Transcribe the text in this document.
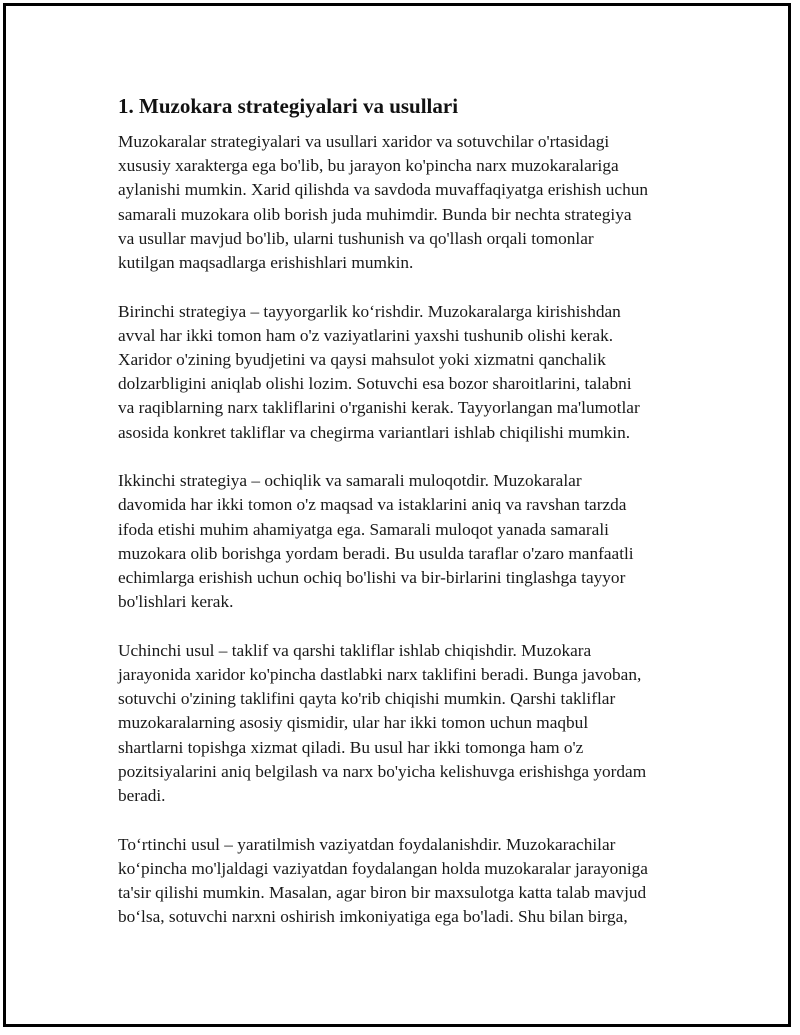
1. Muzokara strategiyalari va usullari

Muzokaralar strategiyalari va usullari xaridor va sotuvchilar o'rtasidagi
xususiy xarakterga ega bo'lib, bu jarayon ko'pincha narx muzokaralariga
aylanishi mumkin. Xarid qilishda va savdoda muvaffaqiyatga erishish uchun
samarali muzokara olib borish juda muhimdir. Bunda bir nechta strategiya
va usullar mavjud bo'lib, ularni tushunish va qo'llash orqali tomonlar
kutilgan maqsadlarga erishishlari mumkin.

Birinchi strategiya – tayyorgarlik ko‘rishdir. Muzokaralarga kirishishdan
avval har ikki tomon ham o'z vaziyatlarini yaxshi tushunib olishi kerak.
Xaridor o'zining byudjetini va qaysi mahsulot yoki xizmatni qanchalik
dolzarbligini aniqlab olishi lozim. Sotuvchi esa bozor sharoitlarini, talabni
va raqiblarning narx takliflarini o'rganishi kerak. Tayyorlangan ma'lumotlar
asosida konkret takliflar va chegirma variantlari ishlab chiqilishi mumkin.

Ikkinchi strategiya – ochiqlik va samarali muloqotdir. Muzokaralar
davomida har ikki tomon o'z maqsad va istaklarini aniq va ravshan tarzda
ifoda etishi muhim ahamiyatga ega. Samarali muloqot yanada samarali
muzokara olib borishga yordam beradi. Bu usulda taraflar o'zaro manfaatli
echimlarga erishish uchun ochiq bo'lishi va bir-birlarini tinglashga tayyor
bo'lishlari kerak.

Uchinchi usul – taklif va qarshi takliflar ishlab chiqishdir. Muzokara
jarayonida xaridor ko'pincha dastlabki narx taklifini beradi. Bunga javoban,
sotuvchi o'zining taklifini qayta ko'rib chiqishi mumkin. Qarshi takliflar
muzokaralarning asosiy qismidir, ular har ikki tomon uchun maqbul
shartlarni topishga xizmat qiladi. Bu usul har ikki tomonga ham o'z
pozitsiyalarini aniq belgilash va narx bo'yicha kelishuvga erishishga yordam
beradi.

To‘rtinchi usul – yaratilmish vaziyatdan foydalanishdir. Muzokarachilar
ko‘pincha mo'ljaldagi vaziyatdan foydalangan holda muzokaralar jarayoniga
ta'sir qilishi mumkin. Masalan, agar biron bir maxsulotga katta talab mavjud
bo‘lsa, sotuvchi narxni oshirish imkoniyatiga ega bo'ladi. Shu bilan birga,
